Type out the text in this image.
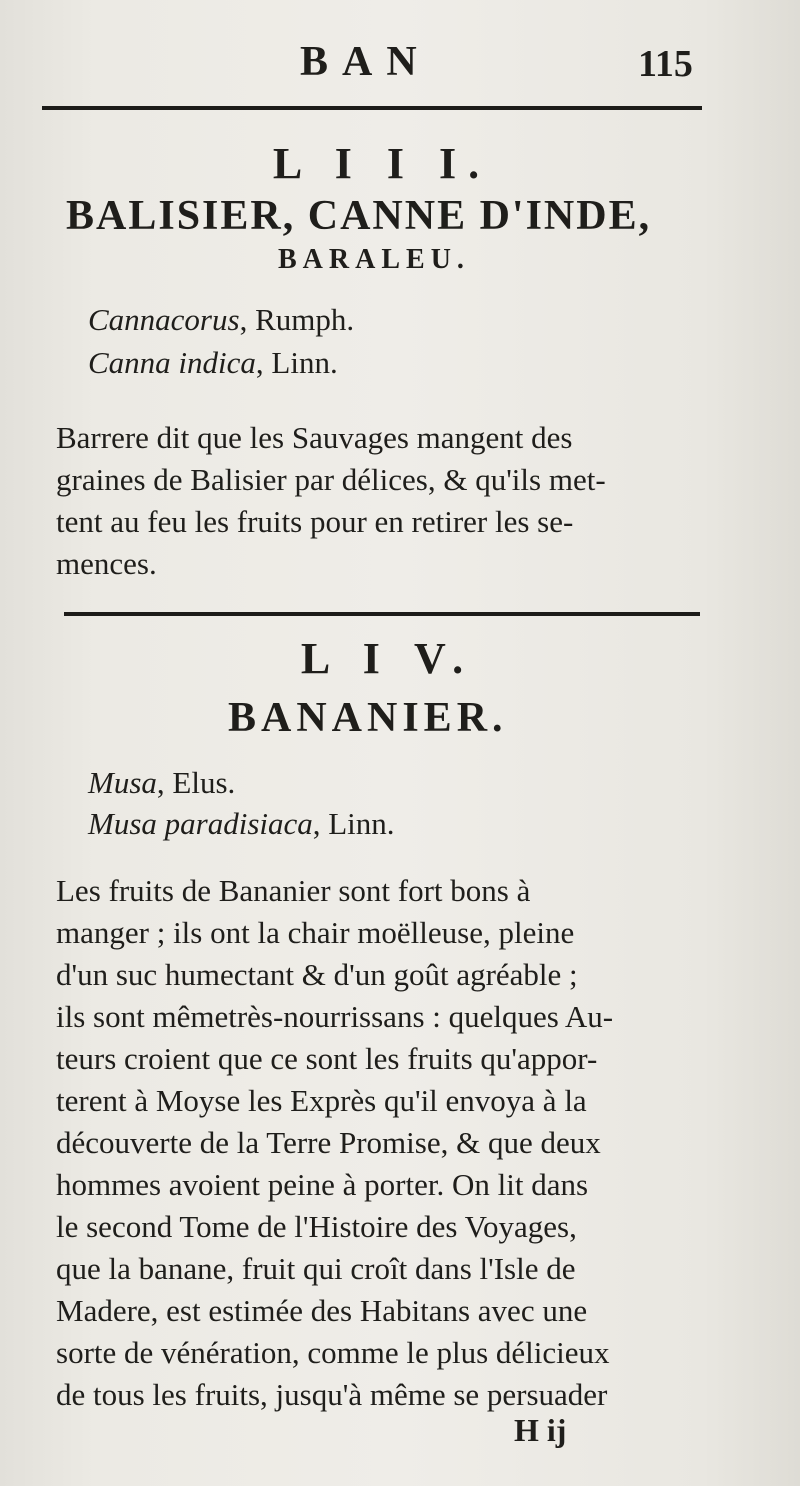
BAN	115
L I I I.
BALISIER, CANNE D'INDE,
BARALEU.
Cannacorus, Rumph.
Canna indica, Linn.
Barrere dit que les Sauvages mangent des
graines de Balisier par délices, & qu'ils met-
tent au feu les fruits pour en retirer les se-
mences.
L I V.
BANANIER.
Musa, Elus.
Musa paradisiaca, Linn.
Les fruits de Bananier sont fort bons à
manger ; ils ont la chair moëlleuse, pleine
d'un suc humectant & d'un goût agréable ;
ils sont mêmetrès-nourrissans : quelques Au-
teurs croient que ce sont les fruits qu'appor-
terent à Moyse les Exprès qu'il envoya à la
découverte de la Terre Promise, & que deux
hommes avoient peine à porter. On lit dans
le second Tome de l'Histoire des Voyages,
que la banane, fruit qui croît dans l'Isle de
Madere, est estimée des Habitans avec une
sorte de vénération, comme le plus délicieux
de tous les fruits, jusqu'à même se persuader
H ij
